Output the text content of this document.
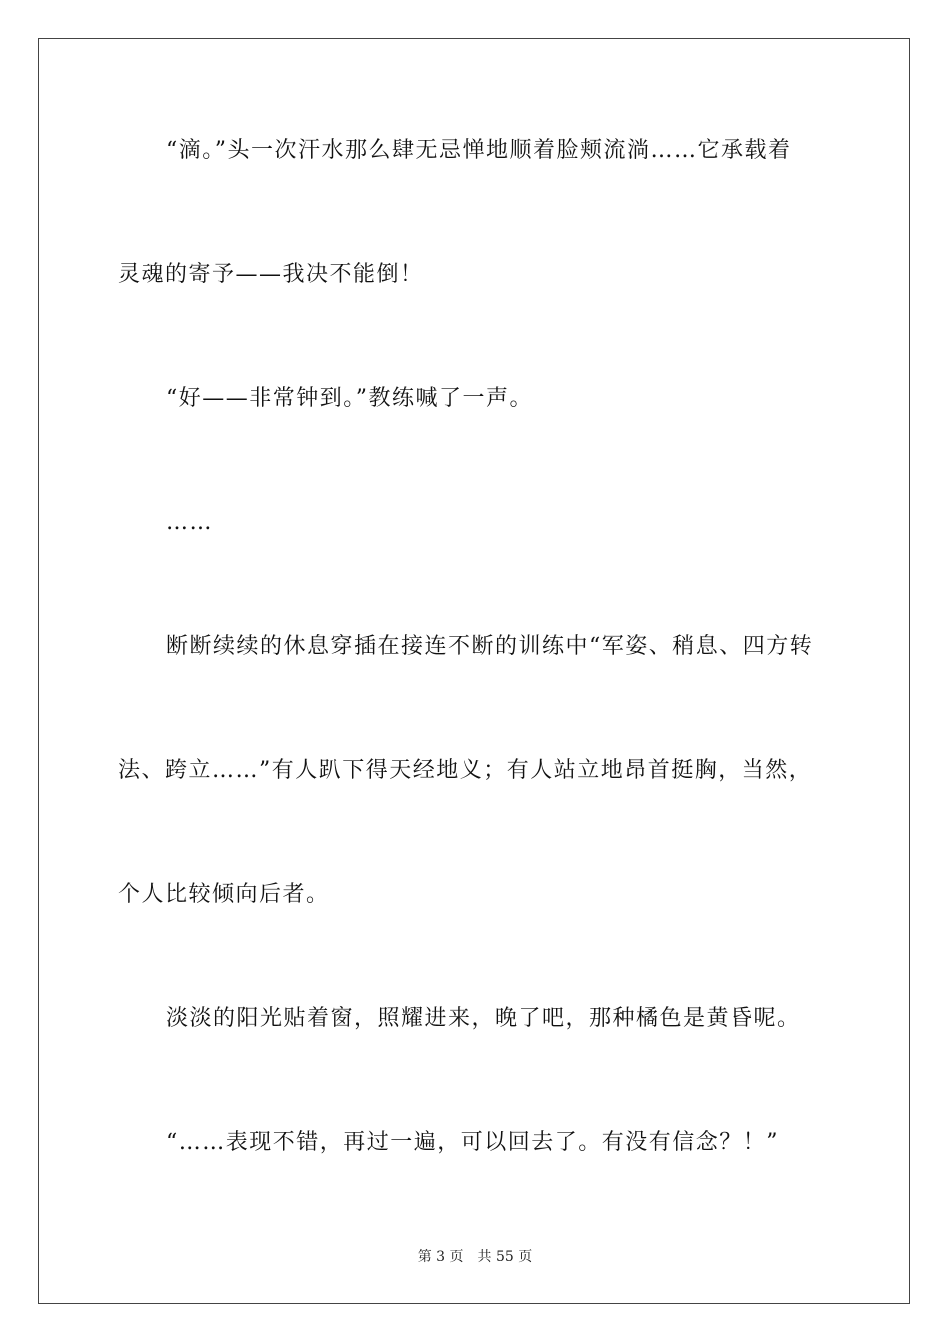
“滴。”头一次汗水那么肆无忌惮地顺着脸颊流淌……它承载着
灵魂的寄予——我决不能倒！
“好——非常钟到。”教练喊了一声。
……
断断续续的休息穿插在接连不断的训练中“军姿、稍息、四方转
法、跨立……”有人趴下得天经地义；有人站立地昂首挺胸，当然，
个人比较倾向后者。
淡淡的阳光贴着窗，照耀进来，晚了吧，那种橘色是黄昏呢。
“……表现不错，再过一遍，可以回去了。有没有信念？！”
第 3 页 共 55 页
